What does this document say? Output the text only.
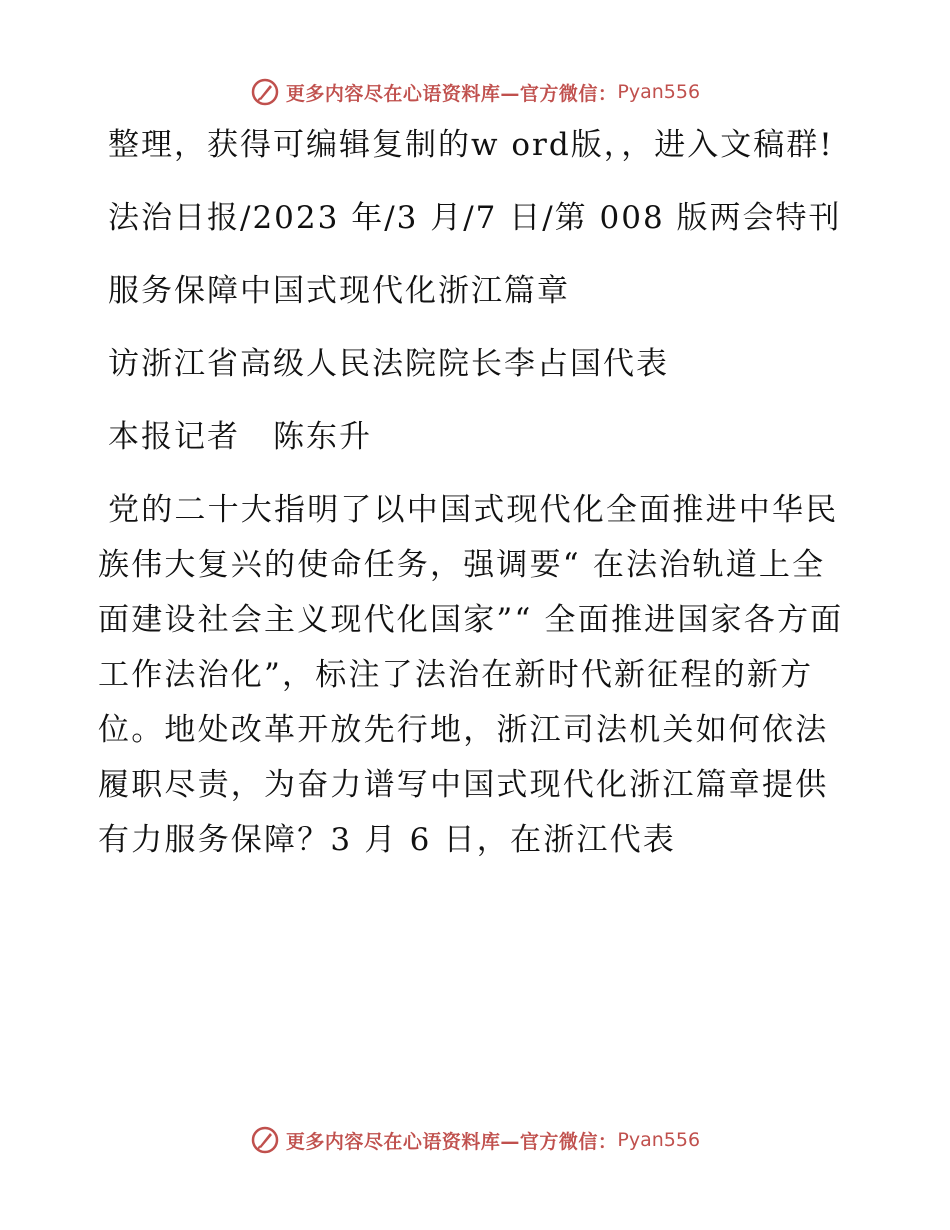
更多内容尽在心语资料库—官方微信： Pyan556

整理，获得可编辑复制的w ord版，，进入文稿群!

法治日报/2023 年/3 月/7 日/第 008 版两会特刊

服务保障中国式现代化浙江篇章

访浙江省高级人民法院院长李占国代表

本报记者　陈东升

党的二十大指明了以中国式现代化全面推进中华民族伟大复兴的使命任务，强调要“ 在法治轨道上全面建设社会主义现代化国家”“ 全面推进国家各方面工作法治化”，标注了法治在新时代新征程的新方位。地处改革开放先行地，浙江司法机关如何依法履职尽责，为奋力谱写中国式现代化浙江篇章提供有力服务保障？3 月 6 日，在浙江代表

更多内容尽在心语资料库—官方微信： Pyan556
